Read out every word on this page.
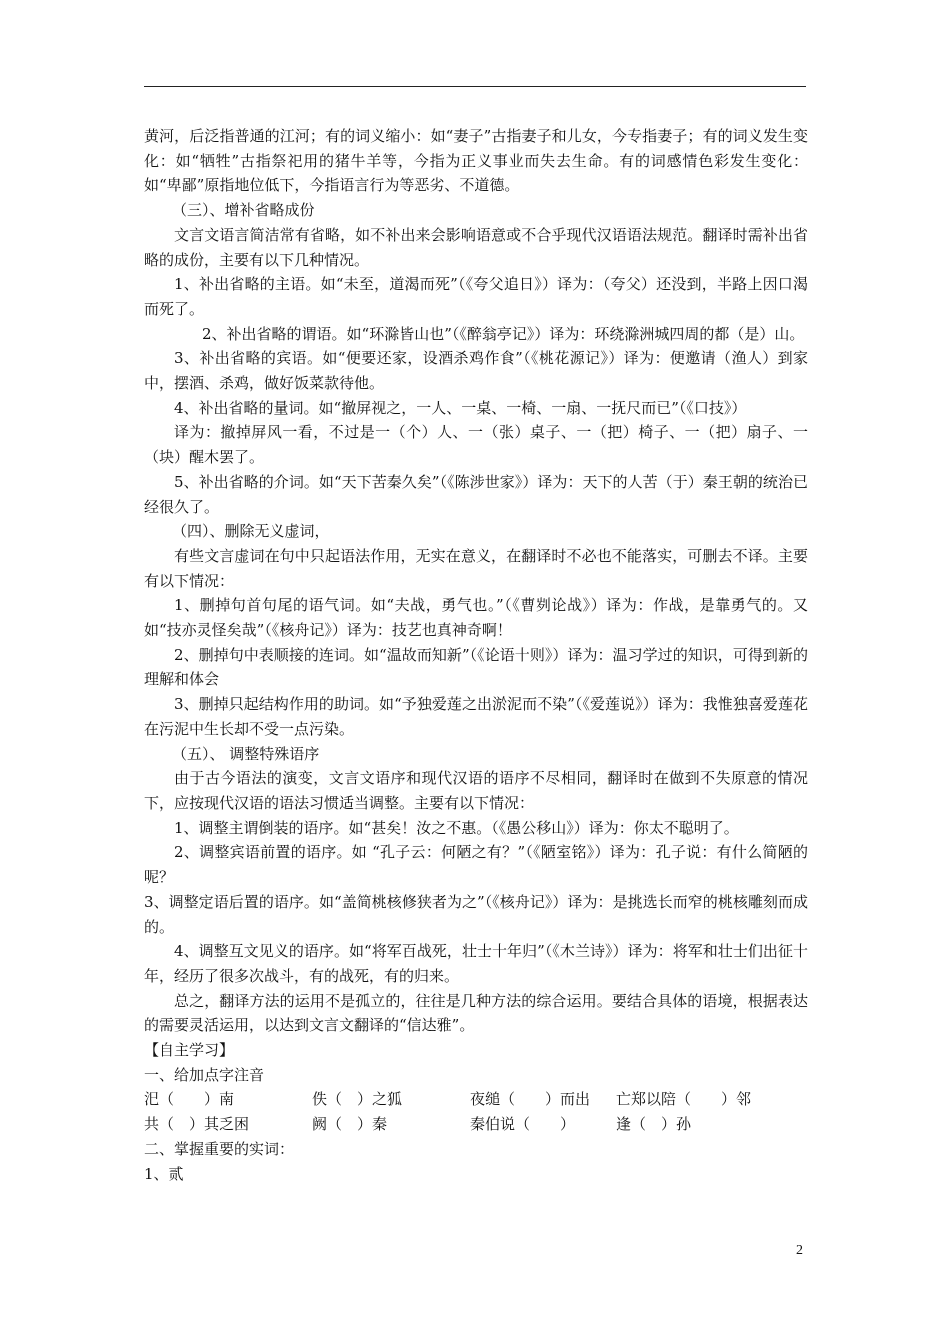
黄河，后泛指普通的江河；有的词义缩小：如“妻子”古指妻子和儿女，今专指妻子；有的词义发生变化：如“牺牲”古指祭祀用的猪牛羊等，今指为正义事业而失去生命。有的词感情色彩发生变化：如“卑鄙”原指地位低下，今指语言行为等恶劣、不道德。

（三）、增补省略成份

文言文语言简洁常有省略，如不补出来会影响语意或不合乎现代汉语语法规范。翻译时需补出省略的成份，主要有以下几种情况。

1、补出省略的主语。如“未至，道渴而死”（《夸父追日》）译为：（夸父）还没到，半路上因口渴而死了。

2、补出省略的谓语。如“环滁皆山也”（《醉翁亭记》）译为：环绕滁洲城四周的都（是）山。

3、补出省略的宾语。如“便要还家，设酒杀鸡作食”（《桃花源记》）译为：便邀请（渔人）到家中，摆酒、杀鸡，做好饭菜款待他。

4、补出省略的量词。如“撤屏视之，一人、一桌、一椅、一扇、一抚尺而已”（《口技》）

译为：撤掉屏风一看，不过是一（个）人、一（张）桌子、一（把）椅子、一（把）扇子、一（块）醒木罢了。

5、补出省略的介词。如“天下苦秦久矣”（《陈涉世家》）译为：天下的人苦（于）秦王朝的统治已经很久了。

（四）、删除无义虚词，

有些文言虚词在句中只起语法作用，无实在意义，在翻译时不必也不能落实，可删去不译。主要有以下情况：

1、删掉句首句尾的语气词。如“夫战，勇气也。”（《曹刿论战》）译为：作战，是靠勇气的。又如“技亦灵怪矣哉”（《核舟记》）译为：技艺也真神奇啊！

2、删掉句中表顺接的连词。如“温故而知新”（《论语十则》）译为：温习学过的知识，可得到新的理解和体会

3、删掉只起结构作用的助词。如“予独爱莲之出淤泥而不染”（《爱莲说》）译为：我惟独喜爱莲花在污泥中生长却不受一点污染。

（五）、 调整特殊语序

由于古今语法的演变，文言文语序和现代汉语的语序不尽相同，翻译时在做到不失原意的情况下，应按现代汉语的语法习惯适当调整。主要有以下情况：

1、调整主谓倒装的语序。如“甚矣！汝之不惠。（《愚公移山》）译为：你太不聪明了。

2、调整宾语前置的语序。如 “孔子云：何陋之有？”（《陋室铭》）译为：孔子说：有什么简陋的呢？

3、调整定语后置的语序。如“盖简桃核修狭者为之”（《核舟记》）译为：是挑选长而窄的桃核雕刻而成的。

4、调整互文见义的语序。如“将军百战死，壮士十年归”（《木兰诗》）译为：将军和壮士们出征十年，经历了很多次战斗，有的战死，有的归来。

总之，翻译方法的运用不是孤立的，往往是几种方法的综合运用。要结合具体的语境，根据表达的需要灵活运用，以达到文言文翻译的“信达雅”。

【自主学习】

一、给加点字注音

汜（　　）南	佚（　）之狐	夜缒（　　）而出	亡郑以陪（　　）邻
共（　）其乏困	阙（　）秦	秦伯说（　　）	逢（　）孙

二、掌握重要的实词：

1、贰

2
